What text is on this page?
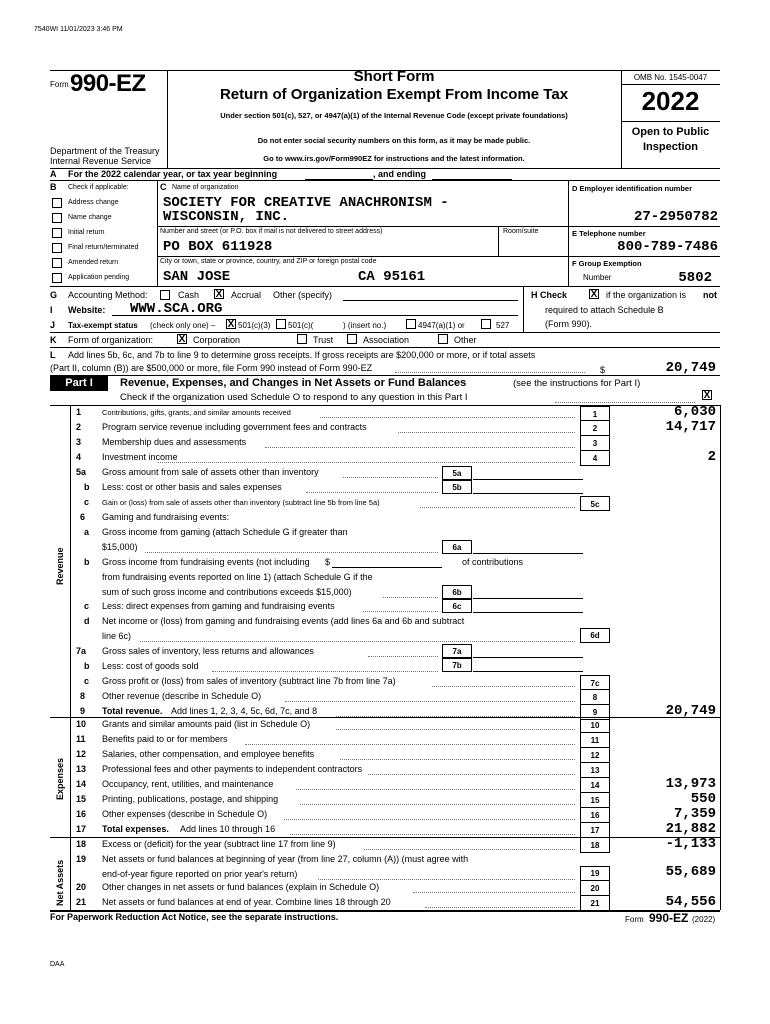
7540WI 11/01/2023 3:46 PM
Form 990-EZ
Department of the Treasury
Internal Revenue Service
Short Form
Return of Organization Exempt From Income Tax
Under section 501(c), 527, or 4947(a)(1) of the Internal Revenue Code (except private foundations)
Do not enter social security numbers on this form, as it may be made public.
Go to www.irs.gov/Form990EZ for instructions and the latest information.
OMB No. 1545-0047
2022
Open to Public
Inspection
A For the 2022 calendar year, or tax year beginning	, and ending
B Check if applicable:
Address change
Name change
Initial return
Final return/terminated
Amended return
Application pending
C Name of organization
SOCIETY FOR CREATIVE ANACHRONISM -
WISCONSIN, INC.
Number and street (or P.O. box if mail is not delivered to street address)	Room/suite
PO BOX 611928
City or town, state or province, country, and ZIP or foreign postal code
SAN JOSE	CA 95161
D Employer identification number
27-2950782
E Telephone number
800-789-7486
F Group Exemption
Number	5802
G Accounting Method:	Cash X Accrual Other (specify)	H Check X if the organization is not
required to attach Schedule B
(Form 990).
I Website: WWW.SCA.ORG
J Tax-exempt status (check only one) – X 501(c)(3) 501(c)(	) (insert no.)	4947(a)(1) or	527
K Form of organization:	X Corporation	Trust	Association	Other
L Add lines 5b, 6c, and 7b to line 9 to determine gross receipts. If gross receipts are $200,000 or more, or if total assets
(Part II, column (B)) are $500,000 or more, file Form 990 instead of Form 990-EZ	$	20,749
Part I	Revenue, Expenses, and Changes in Net Assets or Fund Balances	(see the instructions for Part I)
Check if the organization used Schedule O to respond to any question in this Part I	X
Revenue
Expenses
Net Assets
1	Contributions, gifts, grants, and similar amounts received	1	6,030
2	Program service revenue including government fees and contracts	2	14,717
3	Membership dues and assessments	3
4	Investment income	4	2
5a	Gross amount from sale of assets other than inventory	5a
b	Less: cost or other basis and sales expenses	5b
c	Gain or (loss) from sale of assets other than inventory (subtract line 5b from line 5a)	5c
6	Gaming and fundraising events:
a	Gross income from gaming (attach Schedule G if greater than
$15,000)	6a
b	Gross income from fundraising events (not including $	of contributions
from fundraising events reported on line 1) (attach Schedule G if the
sum of such gross income and contributions exceeds $15,000)	6b
c	Less: direct expenses from gaming and fundraising events	6c
d	Net income or (loss) from gaming and fundraising events (add lines 6a and 6b and subtract
line 6c)	6d
7a	Gross sales of inventory, less returns and allowances	7a
b	Less: cost of goods sold	7b
c	Gross profit or (loss) from sales of inventory (subtract line 7b from line 7a)	7c
8	Other revenue (describe in Schedule O)	8
9	Total revenue. Add lines 1, 2, 3, 4, 5c, 6d, 7c, and 8	9	20,749
10	Grants and similar amounts paid (list in Schedule O)	10
11	Benefits paid to or for members	11
12	Salaries, other compensation, and employee benefits	12
13	Professional fees and other payments to independent contractors	13
14	Occupancy, rent, utilities, and maintenance	14	13,973
15	Printing, publications, postage, and shipping	15	550
16	Other expenses (describe in Schedule O)	16	7,359
17	Total expenses. Add lines 10 through 16	17	21,882
18	Excess or (deficit) for the year (subtract line 17 from line 9)	18	-1,133
19	Net assets or fund balances at beginning of year (from line 27, column (A)) (must agree with
end-of-year figure reported on prior year's return)	19	55,689
20	Other changes in net assets or fund balances (explain in Schedule O)	20
21	Net assets or fund balances at end of year. Combine lines 18 through 20	21	54,556
For Paperwork Reduction Act Notice, see the separate instructions.	Form 990-EZ (2022)
DAA
